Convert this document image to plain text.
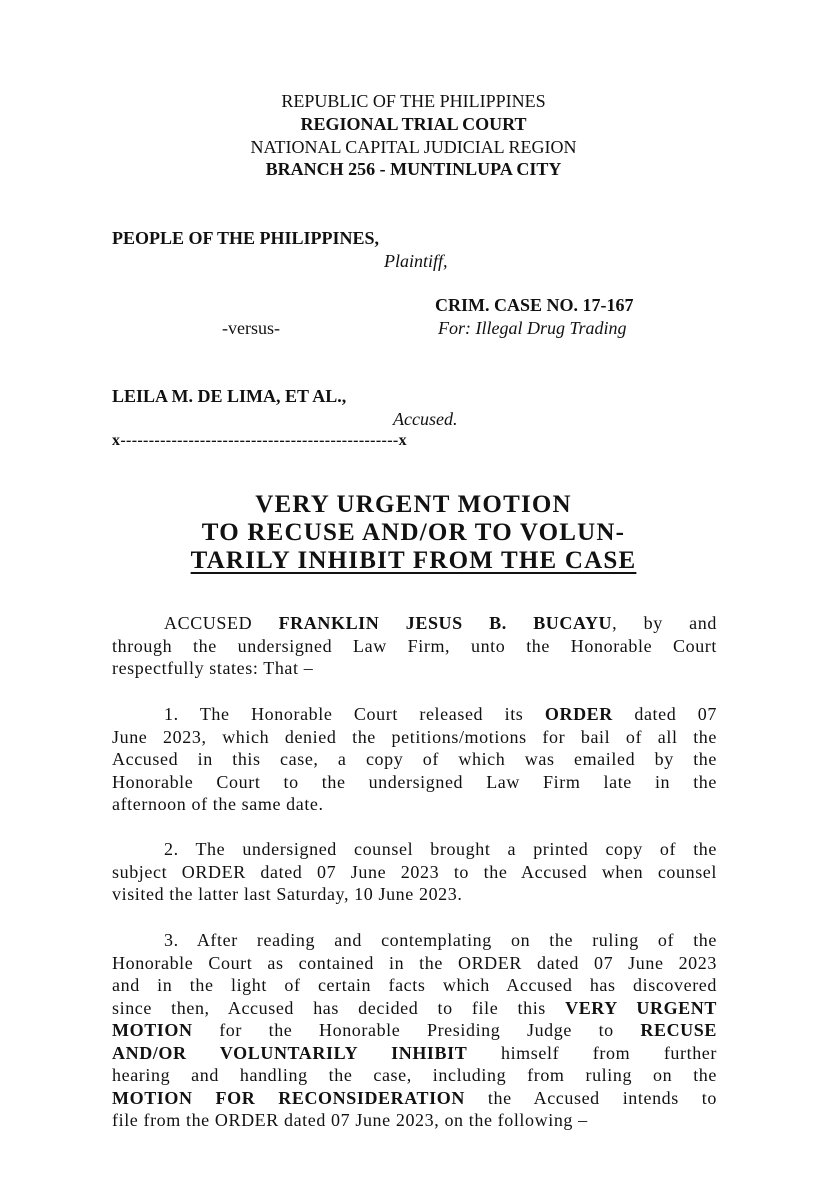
REPUBLIC OF THE PHILIPPINES
REGIONAL TRIAL COURT
NATIONAL CAPITAL JUDICIAL REGION
BRANCH 256 - MUNTINLUPA CITY
PEOPLE OF THE PHILIPPINES,
Plaintiff,
CRIM. CASE NO. 17-167
-versus-	For: Illegal Drug Trading
LEILA M. DE LIMA, ET AL.,
Accused.
x-------------------------------------------------x
VERY URGENT MOTION
TO RECUSE AND/OR TO VOLUN-
TARILY INHIBIT FROM THE CASE

ACCUSED FRANKLIN JESUS B. BUCAYU, by and

through the undersigned Law Firm, unto the Honorable Court

respectfully states: That –

1. The Honorable Court released its ORDER dated 07

June 2023, which denied the petitions/motions for bail of all the

Accused in this case, a copy of which was emailed by the

Honorable Court to the undersigned Law Firm late in the

afternoon of the same date.

2. The undersigned counsel brought a printed copy of the

subject ORDER dated 07 June 2023 to the Accused when counsel

visited the latter last Saturday, 10 June 2023.

3. After reading and contemplating on the ruling of the

Honorable Court as contained in the ORDER dated 07 June 2023

and in the light of certain facts which Accused has discovered

since then, Accused has decided to file this VERY URGENT

MOTION for the Honorable Presiding Judge to RECUSE

AND/OR VOLUNTARILY INHIBIT himself from further

hearing and handling the case, including from ruling on the

MOTION FOR RECONSIDERATION the Accused intends to

file from the ORDER dated 07 June 2023, on the following –
